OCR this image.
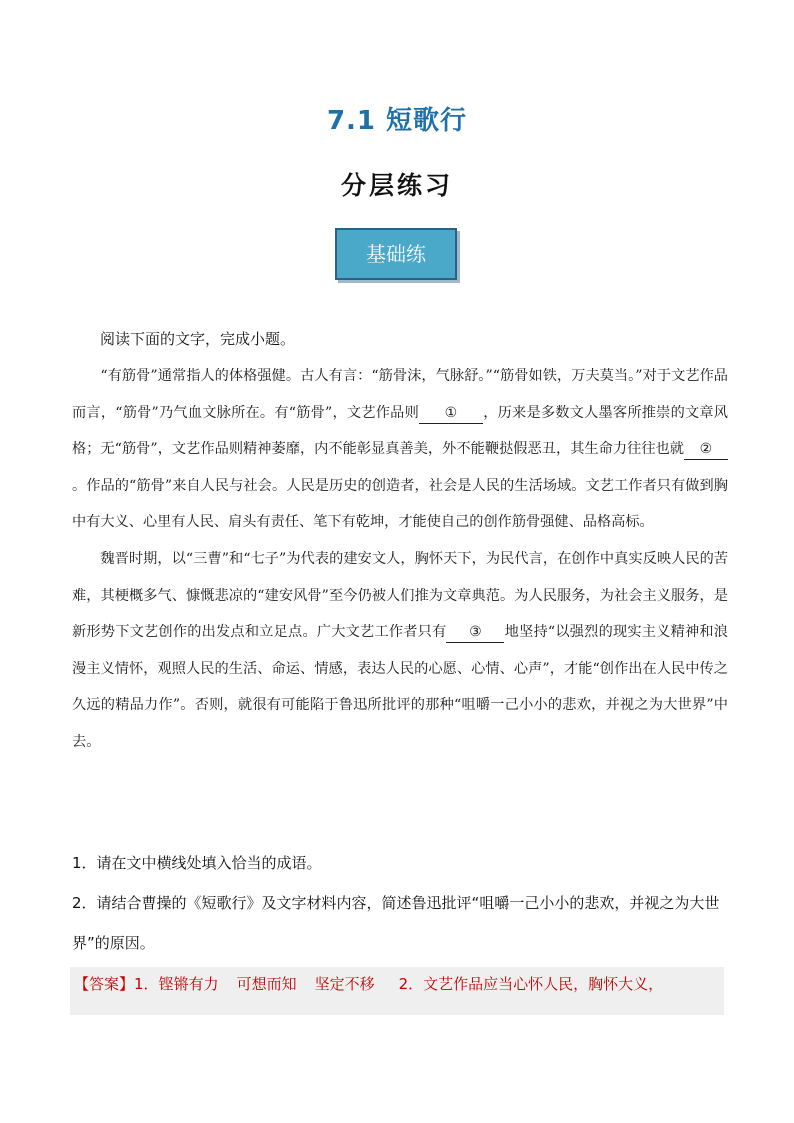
7.1 短歌行
分层练习
基础练
阅读下面的文字，完成小题。

“有筋骨”通常指人的体格强健。古人有言：“筋骨沫，气脉舒。”“筋骨如铁，万夫莫当。”对于文艺作品而言，“筋骨”乃气血文脉所在。有“筋骨”，文艺作品则 ① ，历来是多数文人墨客所推崇的文章风格；无“筋骨”，文艺作品则精神萎靡，内不能彰显真善美，外不能鞭挞假恶丑，其生命力往往也就 ②。作品的“筋骨”来自人民与社会。人民是历史的创造者，社会是人民的生活场域。文艺工作者只有做到胸中有大义、心里有人民、肩头有责任、笔下有乾坤，才能使自己的创作筋骨强健、品格高标。

魏晋时期，以“三曹”和“七子”为代表的建安文人，胸怀天下，为民代言，在创作中真实反映人民的苦难，其梗概多气、慷慨悲凉的“建安风骨”至今仍被人们推为文章典范。为人民服务，为社会主义服务，是新形势下文艺创作的出发点和立足点。广大文艺工作者只有 ③ 地坚持“以强烈的现实主义精神和浪漫主义情怀，观照人民的生活、命运、情感，表达人民的心愿、心情、心声”，才能“创作出在人民中传之久远的精品力作”。否则，就很有可能陷于鲁迅所批评的那种“咀嚼一己小小的悲欢，并视之为大世界”中去。

1．请在文中横线处填入恰当的成语。

2．请结合曹操的《短歌行》及文字材料内容，简述鲁迅批评“咀嚼一己小小的悲欢，并视之为大世界”的原因。

【答案】1．铿锵有力 可想而知 坚定不移 2．文艺作品应当心怀人民，胸怀大义，
